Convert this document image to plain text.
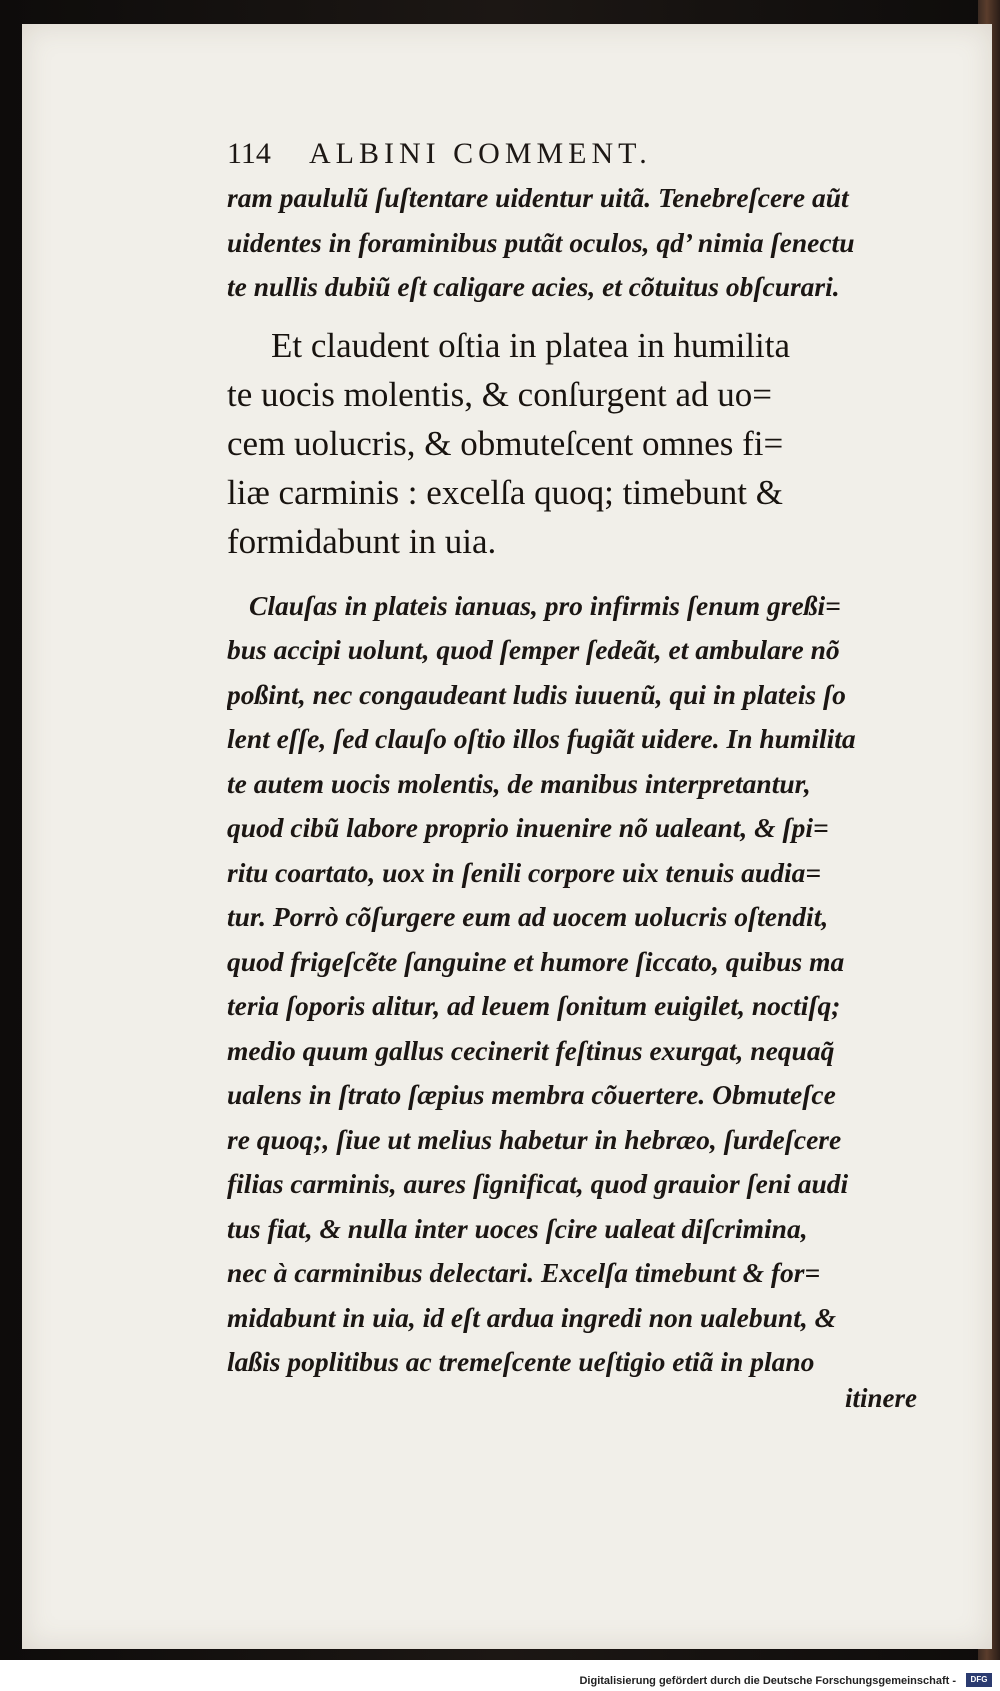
114 ALBINI COMMENT.
ram paululũ ſuſtentare uidentur uitã. Tenebreſcere aũt
uidentes in foraminibus putãt oculos, qd’ nimia ſenectu
te nullis dubiũ eſt caligare acies, et cõtuitus obſcurari.
Et claudent oſtia in platea in humilita
te uocis molentis, & conſurgent ad uo=
cem uolucris, & obmuteſcent omnes fi=
liæ carminis : excelſa quoq; timebunt &
formidabunt in uia.
Clauſas in plateis ianuas, pro infirmis ſenum greßi=
bus accipi uolunt, quod ſemper ſedeãt, et ambulare nõ
poßint, nec congaudeant ludis iuuenũ, qui in plateis ſo
lent eſſe, ſed clauſo oſtio illos fugiãt uidere. In humilita
te autem uocis molentis, de manibus interpretantur,
quod cibũ labore proprio inuenire nõ ualeant, & ſpi=
ritu coartato, uox in ſenili corpore uix tenuis audia=
tur. Porrò cõſurgere eum ad uocem uolucris oſtendit,
quod frigeſcẽte ſanguine et humore ſiccato, quibus ma
teria ſoporis alitur, ad leuem ſonitum euigilet, noctiſq;
medio quum gallus cecinerit feſtinus exurgat, nequaq̃
ualens in ſtrato ſæpius membra cõuertere. Obmuteſce
re quoq;, ſiue ut melius habetur in hebræo, ſurdeſcere
filias carminis, aures ſignificat, quod grauior ſeni audi
tus fiat, & nulla inter uoces ſcire ualeat diſcrimina,
nec à carminibus delectari. Excelſa timebunt & for=
midabunt in uia, id eſt ardua ingredi non ualebunt, &
laßis poplitibus ac tremeſcente ueſtigio etiã in plano
itinere
Digitalisierung gefördert durch die Deutsche Forschungsgemeinschaft -	DFG
